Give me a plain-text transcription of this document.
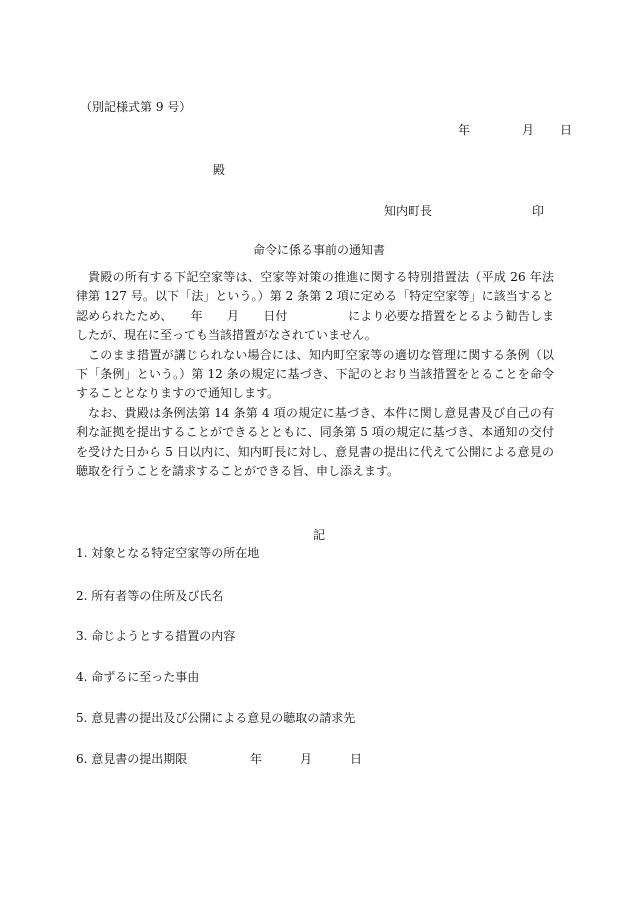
（別記様式第 9 号）
年	月 日
殿
知内町長	印
命令に係る事前の通知書

貴殿の所有する下記空家等は、空家等対策の推進に関する特別措置法（平成 26 年法律第 127 号。以下「法」という。）第 2 条第 2 項に定める「特定空家等」に該当すると認められたため、　　年　　月　　日付　　　　　により必要な措置をとるよう勧告しましたが、現在に至っても当該措置がなされていません。

このまま措置が講じられない場合には、知内町空家等の適切な管理に関する条例（以下「条例」という。）第 12 条の規定に基づき、下記のとおり当該措置をとることを命令することとなりますので通知します。

なお、貴殿は条例法第 14 条第 4 項の規定に基づき、本件に関し意見書及び自己の有利な証拠を提出することができるとともに、同条第 5 項の規定に基づき、本通知の交付を受けた日から 5 日以内に、知内町長に対し、意見書の提出に代えて公開による意見の聴取を行うことを請求することができる旨、申し添えます。

記
1. 対象となる特定空家等の所在地
2. 所有者等の住所及び氏名
3. 命じようとする措置の内容
4. 命ずるに至った事由
5. 意見書の提出及び公開による意見の聴取の請求先
6. 意見書の提出期限	年	月	日
